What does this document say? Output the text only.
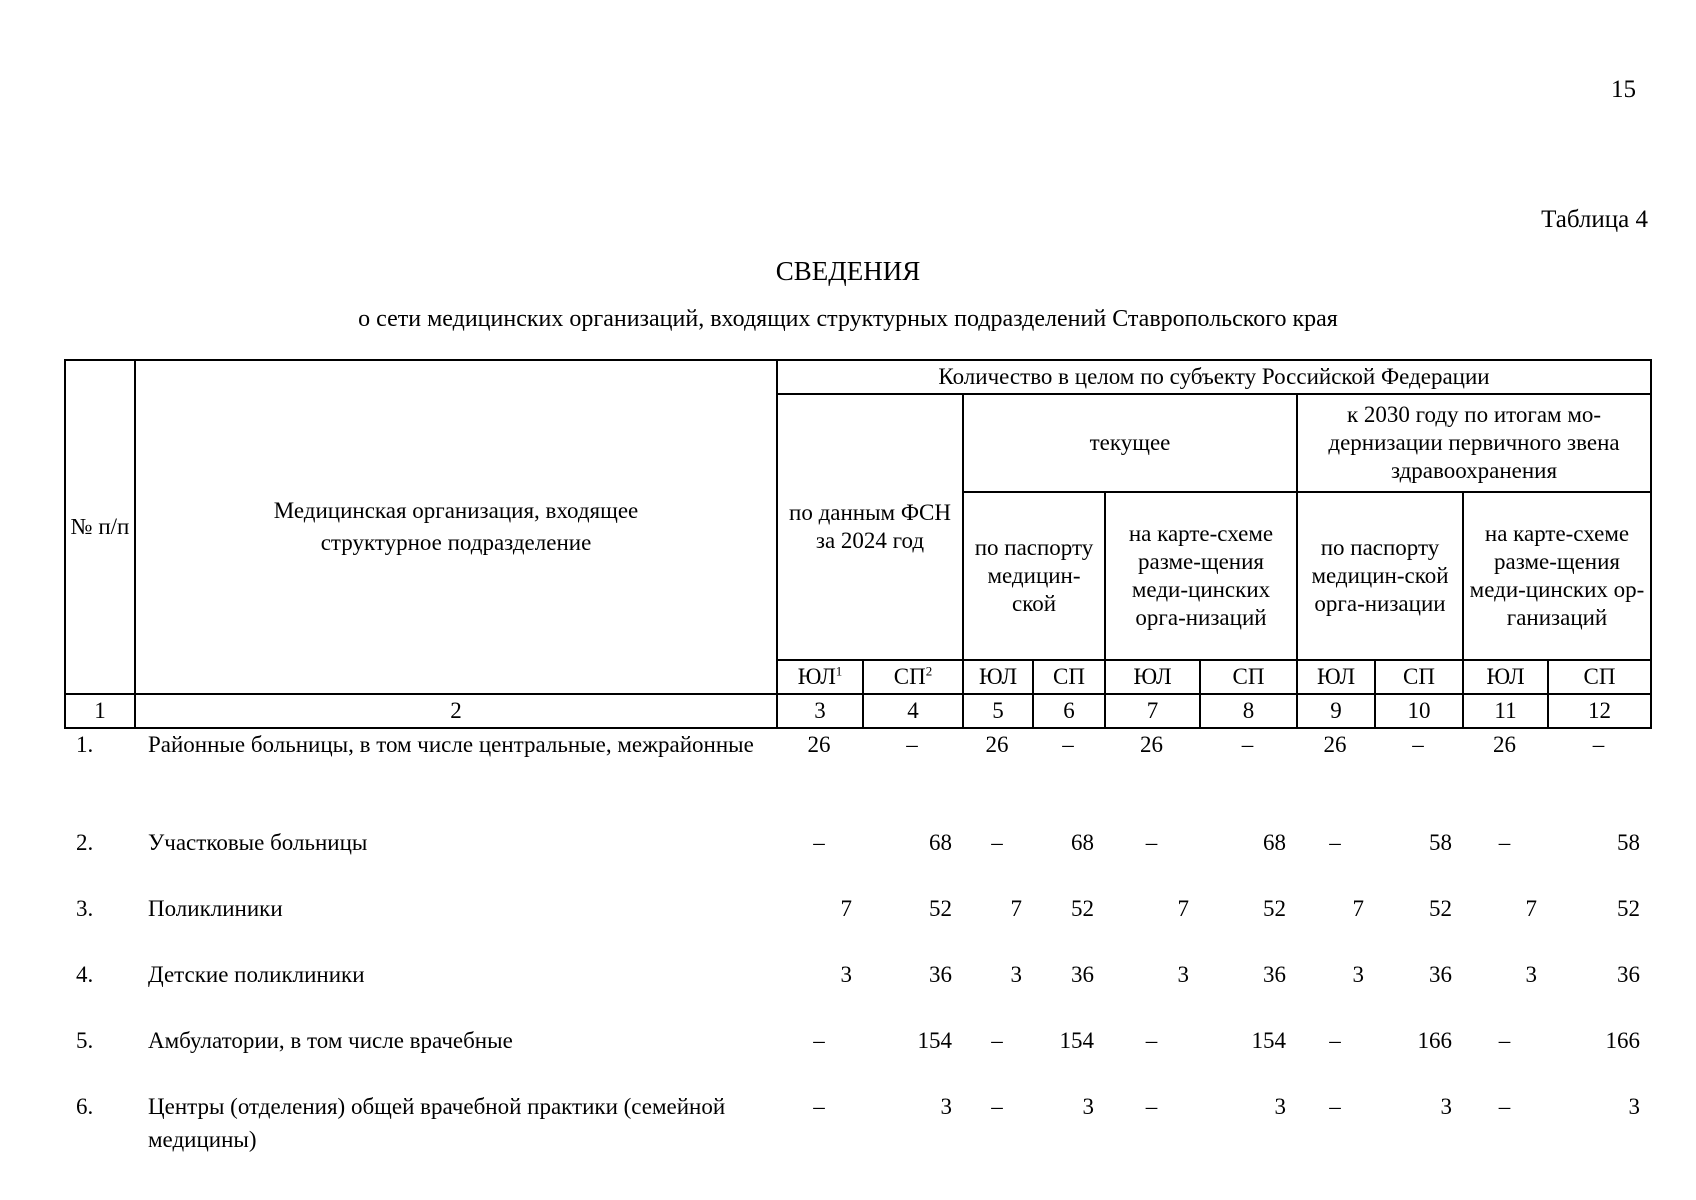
15
Таблица 4
СВЕДЕНИЯ
о сети медицинских организаций, входящих структурных подразделений Ставропольского края
№ п/п	Медицинская организация, входящее структурное подразделение	Количество в целом по субъекту Российской Федерации									
		по данным ФСН за 2024 год		текущее				к 2030 году по итогам мо-дернизации первичного звена здравоохранения			
				по паспорту медицин-ской		на карте-схеме разме-щения меди-цинских орга-низаций		по паспорту медицин-ской орга-низации		на карте-схеме разме-щения меди-цинских ор-ганизаций	
		$ЮЛ^1$	$СП^2$	ЮЛ	СП	ЮЛ	СП	ЮЛ	СП	ЮЛ	СП
1	2	3	4	5	6	7	8	9	10	11	12
1.	Районные больницы, в том числе центральные, межрайонные	26	–	26	–	26	–	26	–	26	–
2.	Участковые больницы	–	68	–	68	–	68	–	58	–	58
3.	Поликлиники	7	52	7	52	7	52	7	52	7	52
4.	Детские поликлиники	3	36	3	36	3	36	3	36	3	36
5.	Амбулатории, в том числе врачебные	–	154	–	154	–	154	–	166	–	166
6.	Центры (отделения) общей врачебной практики (семейной медицины)	–	3	–	3	–	3	–	3	–	3
